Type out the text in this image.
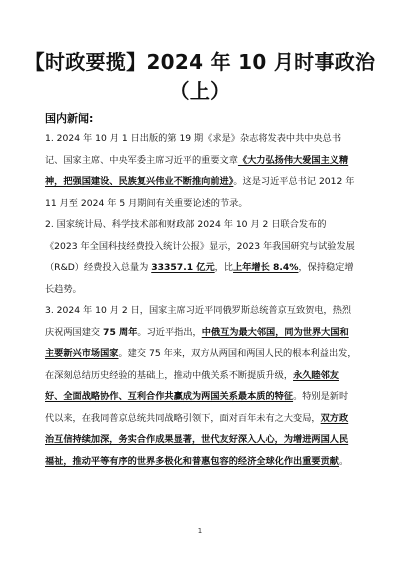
【时政要揽】2024 年 10 月时事政治
（上）
国内新闻:

1. 2024 年 10 月 1 日出版的第 19 期《求是》杂志将发表中共中央总书记、国家主席、中央军委主席习近平的重要文章《大力弘扬伟大爱国主义精神，把强国建设、民族复兴伟业不断推向前进》。这是习近平总书记 2012 年 11 月至 2024 年 5 月期间有关重要论述的节录。

2. 国家统计局、科学技术部和财政部 2024 年 10 月 2 日联合发布的《2023 年全国科技经费投入统计公报》显示，2023 年我国研究与试验发展（R&D）经费投入总量为 33357.1 亿元，比上年增长 8.4%，保持稳定增长趋势。

3. 2024 年 10 月 2 日，国家主席习近平同俄罗斯总统普京互致贺电，热烈庆祝两国建交 75 周年。习近平指出，中俄互为最大邻国，同为世界大国和主要新兴市场国家。建交 75 年来，双方从两国和两国人民的根本利益出发，在深刻总结历史经验的基础上，推动中俄关系不断提质升级，永久睦邻友好、全面战略协作、互利合作共赢成为两国关系最本质的特征。特别是新时代以来，在我同普京总统共同战略引领下，面对百年未有之大变局，双方政治互信持续加深，务实合作成果显著，世代友好深入人心，为增进两国人民福祉，推动平等有序的世界多极化和普惠包容的经济全球化作出重要贡献。

1
